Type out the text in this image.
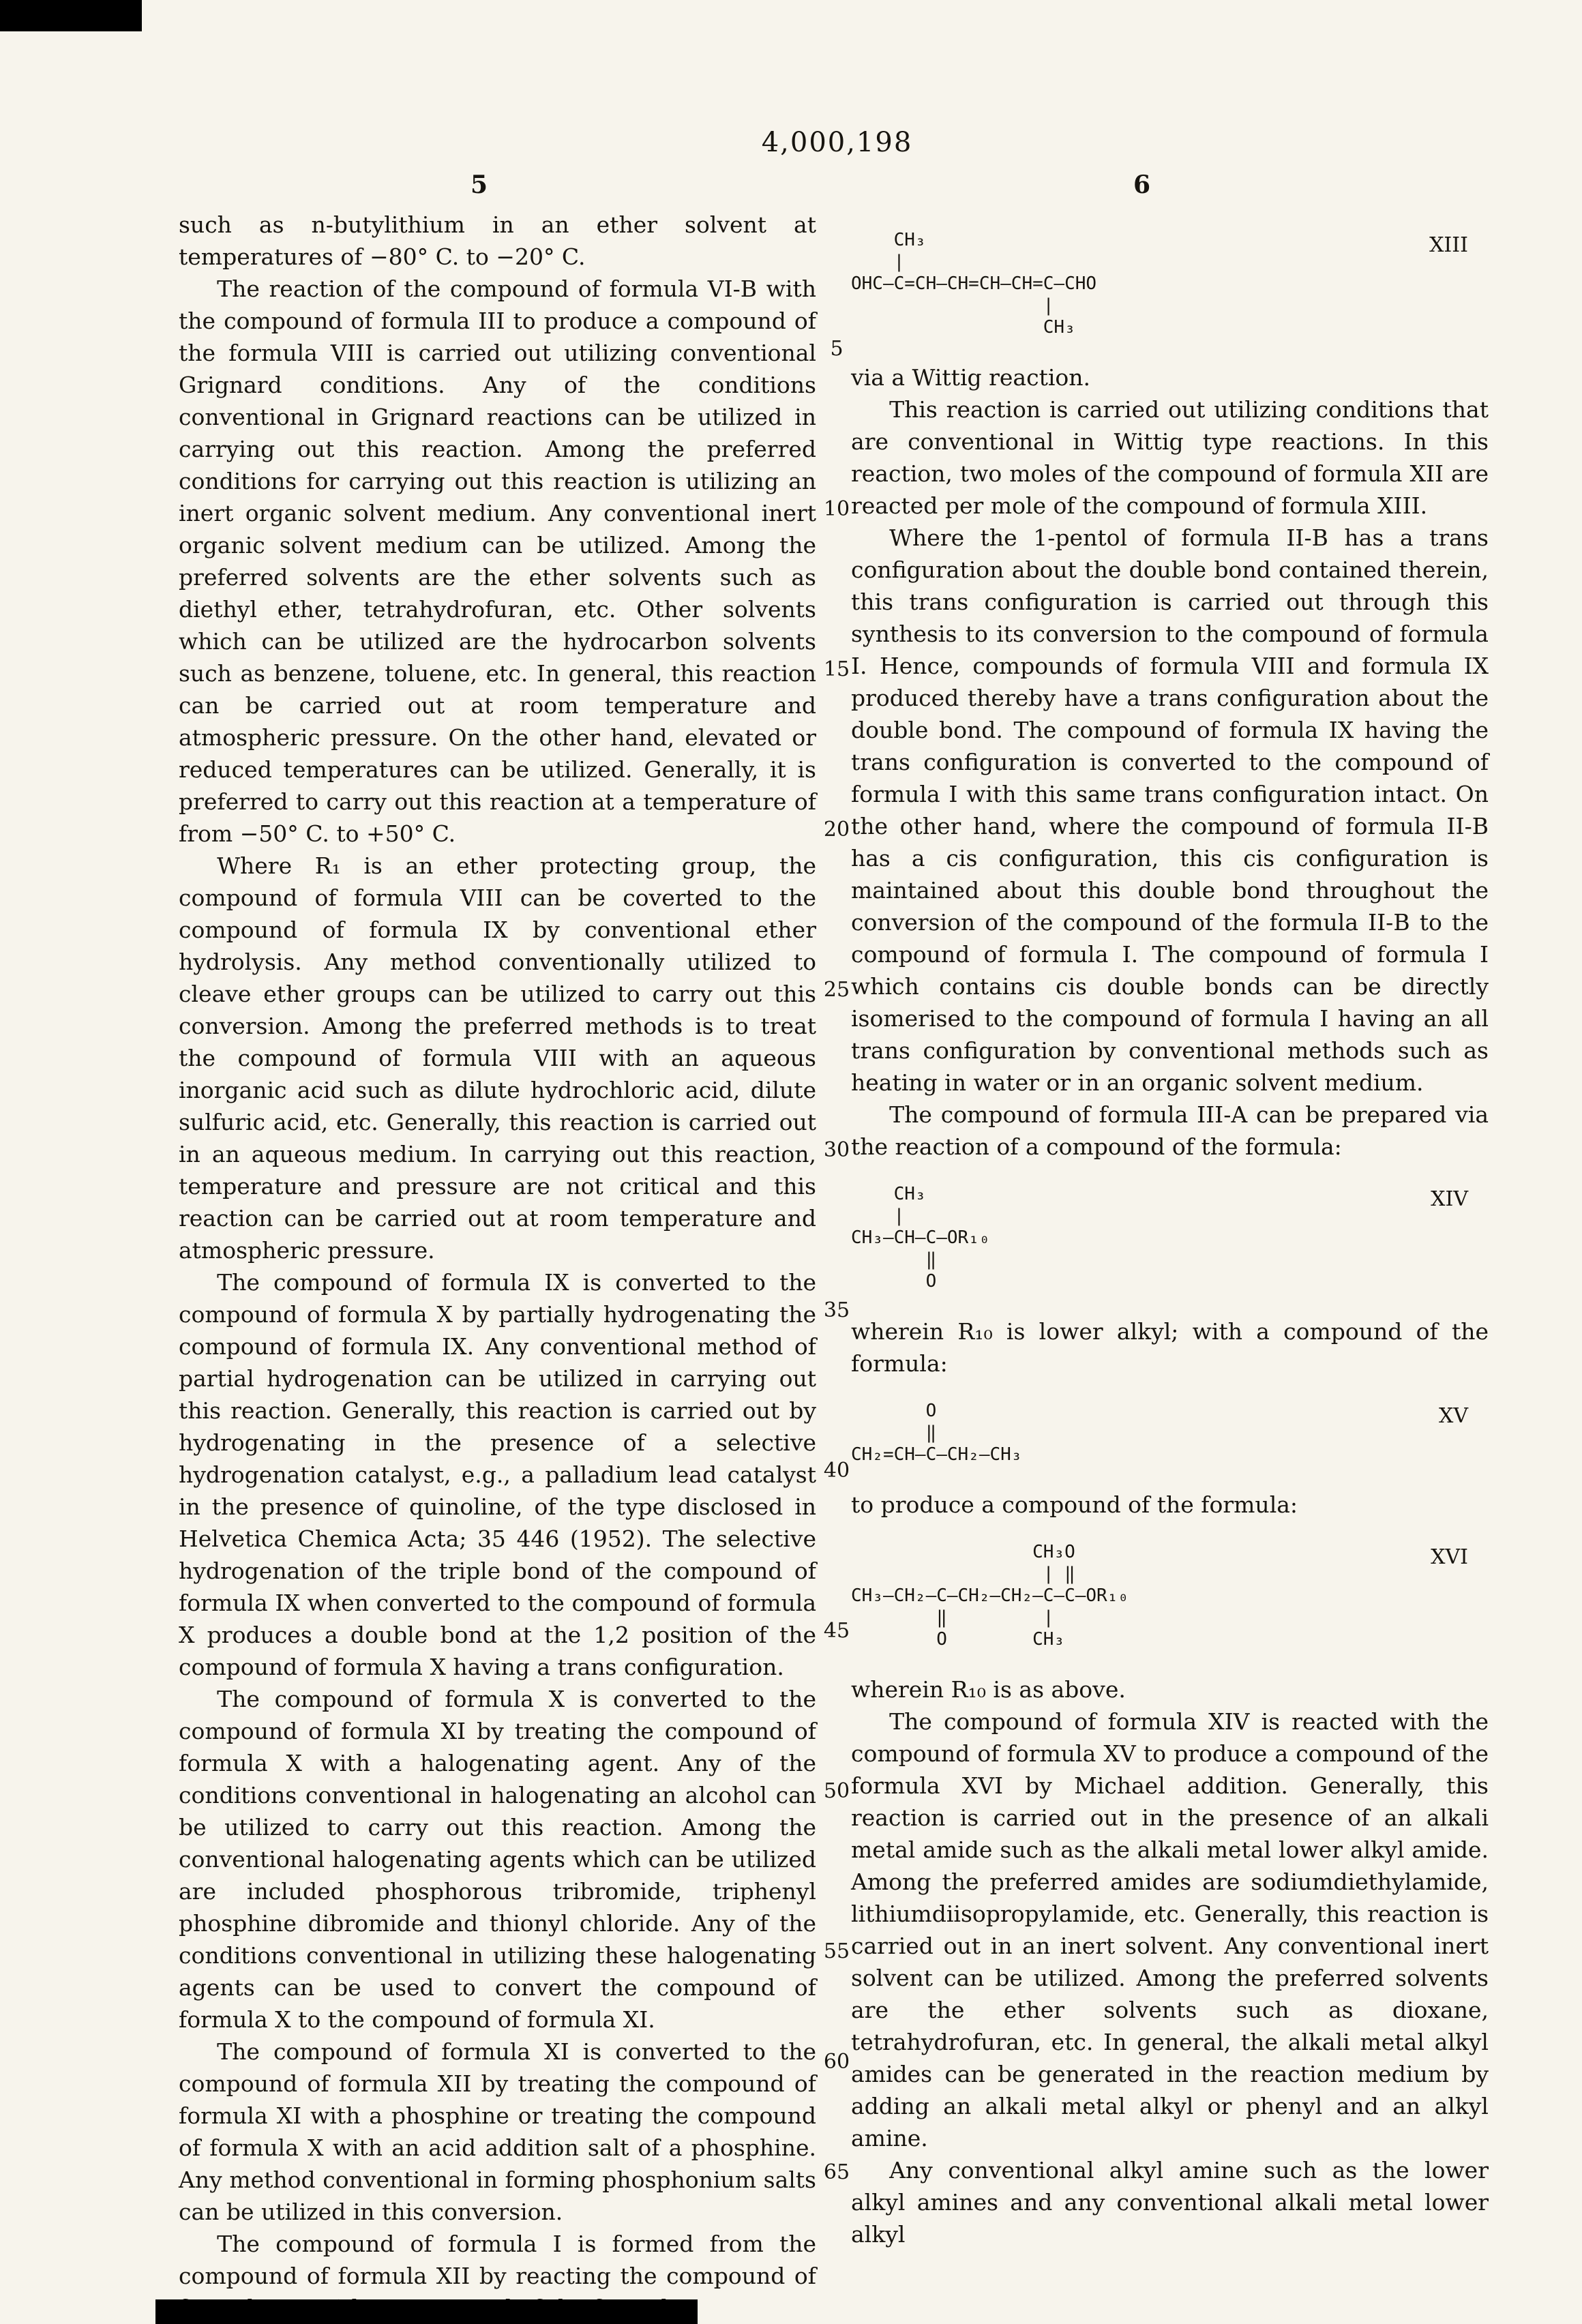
4,000,198
5	6
5
10
15
20
25
30
35
40
45
50
55
60
65

such as n-butylithium in an ether solvent at temperatures of −80° C. to −20° C.

The reaction of the compound of formula VI-B with the compound of formula III to produce a compound of the formula VIII is carried out utilizing conventional Grignard conditions. Any of the conditions conventional in Grignard reactions can be utilized in carrying out this reaction. Among the preferred conditions for carrying out this reaction is utilizing an inert organic solvent medium. Any conventional inert organic solvent medium can be utilized. Among the preferred solvents are the ether solvents such as diethyl ether, tetrahydrofuran, etc. Other solvents which can be utilized are the hydrocarbon solvents such as benzene, toluene, etc. In general, this reaction can be carried out at room temperature and atmospheric pressure. On the other hand, elevated or reduced temperatures can be utilized. Generally, it is preferred to carry out this reaction at a temperature of from −50° C. to +50° C.

Where R₁ is an ether protecting group, the compound of formula VIII can be coverted to the compound of formula IX by conventional ether hydrolysis. Any method conventionally utilized to cleave ether groups can be utilized to carry out this conversion. Among the preferred methods is to treat the compound of formula VIII with an aqueous inorganic acid such as dilute hydrochloric acid, dilute sulfuric acid, etc. Generally, this reaction is carried out in an aqueous medium. In carrying out this reaction, temperature and pressure are not critical and this reaction can be carried out at room temperature and atmospheric pressure.

The compound of formula IX is converted to the compound of formula X by partially hydrogenating the compound of formula IX. Any conventional method of partial hydrogenation can be utilized in carrying out this reaction. Generally, this reaction is carried out by hydrogenating in the presence of a selective hydrogenation catalyst, e.g., a palladium lead catalyst in the presence of quinoline, of the type disclosed in Helvetica Chemica Acta; 35 446 (1952). The selective hydrogenation of the triple bond of the compound of formula IX when converted to the compound of formula X produces a double bond at the 1,2 position of the compound of formula X having a trans configuration.

The compound of formula X is converted to the compound of formula XI by treating the compound of formula X with a halogenating agent. Any of the conditions conventional in halogenating an alcohol can be utilized to carry out this reaction. Among the conventional halogenating agents which can be utilized are included phosphorous tribromide, triphenyl phosphine dibromide and thionyl chloride. Any of the conditions conventional in utilizing these halogenating agents can be used to convert the compound of formula X to the compound of formula XI.

The compound of formula XI is converted to the compound of formula XII by treating the compound of formula XI with a phosphine or treating the compound of formula X with an acid addition salt of a phosphine. Any method conventional in forming phosphonium salts can be utilized in this conversion.

The compound of formula I is formed from the compound of formula XII by reacting the compound of

CH₃
|
OHC—C=CH—CH=CH—CH=C—CHO
|
CH₃
XIII

via a Wittig reaction.

This reaction is carried out utilizing conditions that are conventional in Wittig type reactions. In this reaction, two moles of the compound of formula XII are reacted per mole of the compound of formula XIII.

Where the 1-pentol of formula II-B has a trans configuration about the double bond contained therein, this trans configuration is carried out through this synthesis to its conversion to the compound of formula I. Hence, compounds of formula VIII and formula IX produced thereby have a trans configuration about the double bond. The compound of formula IX having the trans configuration is converted to the compound of formula I with this same trans configuration intact. On the other hand, where the compound of formula II-B has a cis configuration, this cis configuration is maintained about this double bond throughout the conversion of the compound of the formula II-B to the compound of formula I. The compound of formula I which contains cis double bonds can be directly isomerised to the compound of formula I having an all trans configuration by conventional methods such as heating in water or in an organic solvent medium.

The compound of formula III-A can be prepared via the reaction of a compound of the formula:

CH₃
|
CH₃—CH—C—OR₁₀
‖
O
XIV

wherein R₁₀ is lower alkyl; with a compound of the formula:

O
‖
CH₂=CH—C—CH₂—CH₃
XV

to produce a compound of the formula:

CH₃O
| ‖
CH₃—CH₂—C—CH₂—CH₂—C—C—OR₁₀
‖         |
O        CH₃
XVI

wherein R₁₀ is as above.

The compound of formula XIV is reacted with the compound of formula XV to produce a compound of the formula XVI by Michael addition. Generally, this reaction is carried out in the presence of an alkali metal amide such as the alkali metal lower alkyl amide. Among the preferred amides are sodiumdiethylamide, lithiumdiisopropylamide, etc. Generally, this reaction is carried out in an inert solvent. Any conventional inert solvent can be utilized. Among the preferred solvents are the ether solvents such as dioxane, tetrahydrofuran, etc. In general, the alkali metal alkyl amides can be generated in the reaction medium by adding an alkali metal alkyl or phenyl and an alkyl amine.

Any conventional alkyl amine such as the lower alkyl amines and any conventional alkali metal lower alkyl
